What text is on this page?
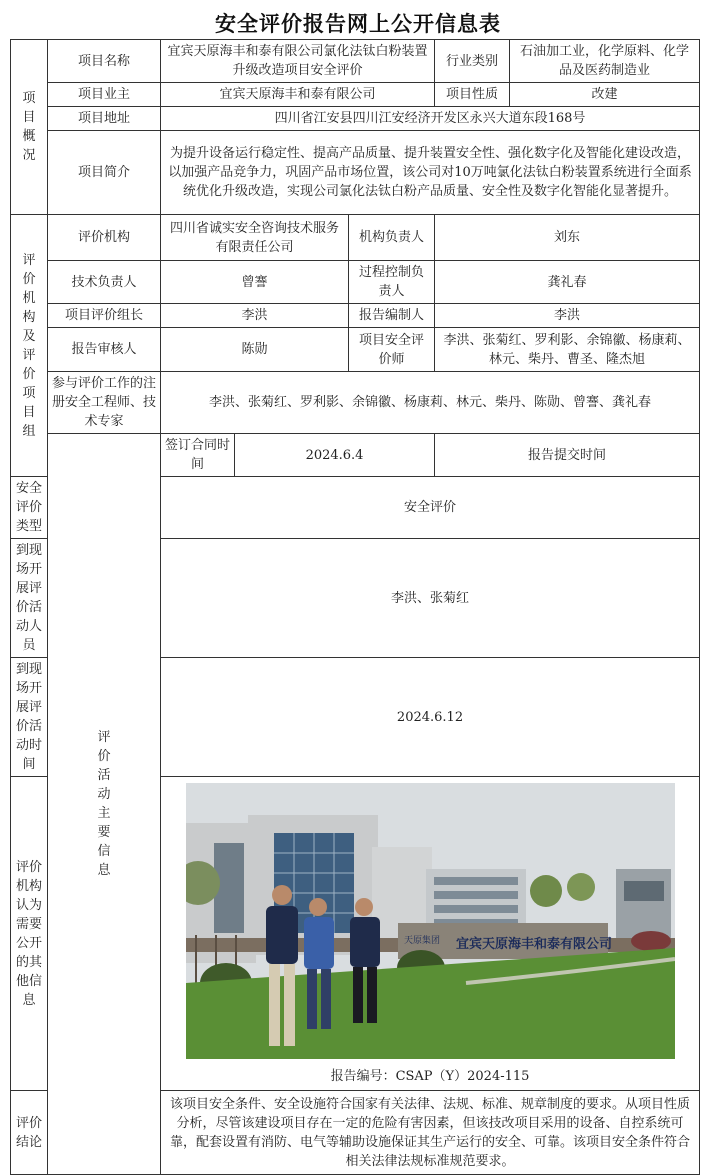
安全评价报告网上公开信息表
项目概况	项目名称	宜宾天原海丰和泰有限公司氯化法钛白粉装置升级改造项目安全评价			行业类别	石油加工业，化学原料、化学品及医药制造业	
	项目业主	宜宾天原海丰和泰有限公司			项目性质	改建	
	项目地址	四川省江安县四川江安经济开发区永兴大道东段168号					
	项目简介	为提升设备运行稳定性、提高产品质量、提升装置安全性、强化数字化及智能化建设改造，以加强产品竞争力，巩固产品市场位置，该公司对10万吨氯化法钛白粉装置系统进行全面系统优化升级改造，实现公司氯化法钛白粉产品质量、安全性及数字化智能化显著提升。					

评价机构及评价项目组	评价机构	四川省诚实安全咨询技术服务有限责任公司		机构负责人	刘东		
	技术负责人	曾謇		过程控制负责人	龚礼春		
	项目评价组长	李洪		报告编制人	李洪		
	报告审核人	陈勋		项目安全评价师	李洪、张菊红、罗利影、余锦徽、杨康莉、林元、柴丹、曹圣、隆杰旭		
	参与评价工作的注册安全工程师、技术专家	李洪、张菊红、罗利影、余锦徽、杨康莉、林元、柴丹、陈勋、曾謇、龚礼春					

	评价活动主要信息	签订合同时间	2024.6.4		报告提交时间	
安全评价类型		安全评价					
到现场开展评价活动人员		李洪、张菊红					
到现场开展评价活动时间		2024.6.12					
评价机构认为需要公开的其他信息		天原集团 宜宾天原海丰和泰有限公司
报告编号：CSAP（Y）2024-115					

评价结论		该项目安全条件、安全设施符合国家有关法律、法规、标准、规章制度的要求。从项目性质分析，尽管该建设项目存在一定的危险有害因素，但该技改项目采用的设备、自控系统可靠，配套设置有消防、电气等辅助设施保证其生产运行的安全、可靠。该项目安全条件符合相关法律法规标准规范要求。					
